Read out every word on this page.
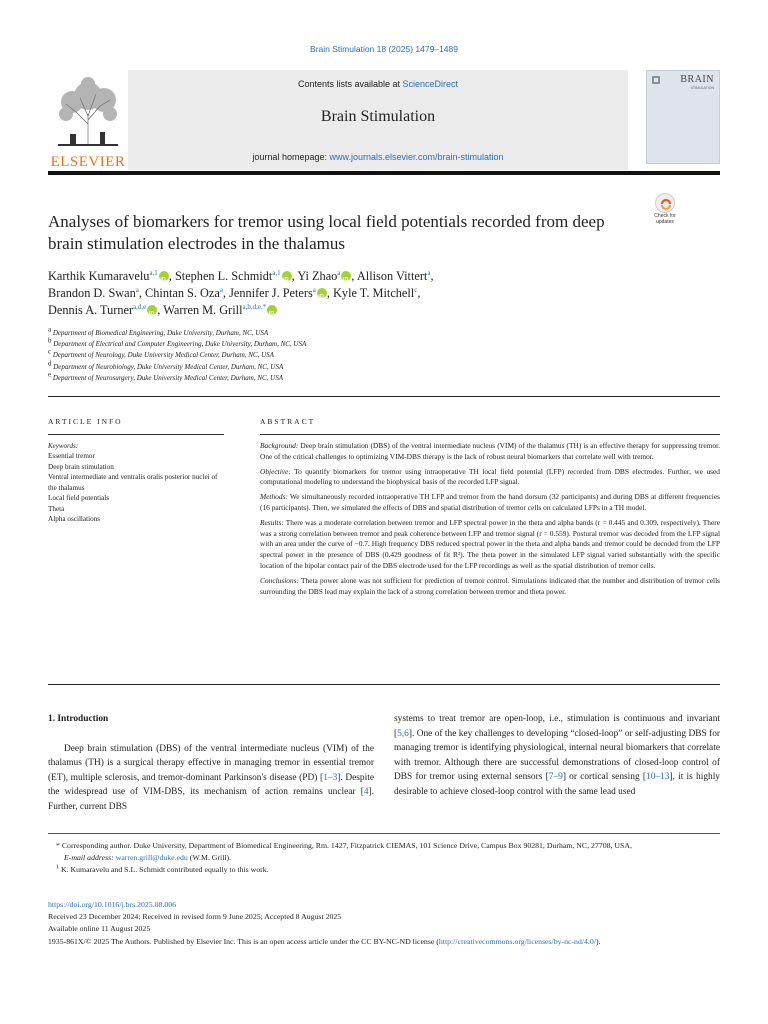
Brain Stimulation 18 (2025) 1479–1489
ELSEVIER
Contents lists available at ScienceDirect
Brain Stimulation
journal homepage: www.journals.elsevier.com/brain-stimulation
BRAIN
STIMULATION
Analyses of biomarkers for tremor using local field potentials recorded from deep brain stimulation electrodes in the thalamus
Check for
updates
Karthik Kumaravelu$^{a,1}$ iD , Stephen L. Schmidt$^{a,1}$ iD , Yi Zhao$^a$ iD , Allison Vittert$^a$,
Brandon D. Swan$^a$, Chintan S. Oza$^a$, Jennifer J. Peters$^a$ iD , Kyle T. Mitchell$^c$,
Dennis A. Turner$^{a,d,e}$ iD , Warren M. Grill$^{a,b,d,e,*}$iD
$^a$ Department of Biomedical Engineering, Duke University, Durham, NC, USA
$^b$ Department of Electrical and Computer Engineering, Duke University, Durham, NC, USA
$^c$ Department of Neurology, Duke University Medical Center, Durham, NC, USA
$^d$ Department of Neurobiology, Duke University Medical Center, Durham, NC, USA
$^e$ Department of Neurosurgery, Duke University Medical Center, Durham, NC, USA
ARTICLE INFO	ABSTRACT
Keywords:
Essential tremor
Deep brain stimulation
Ventral intermediate and ventralis oralis posterior nuclei of the thalamus
Local field potentials
Theta
Alpha oscillations

Background: Deep brain stimulation (DBS) of the ventral intermediate nucleus (VIM) of the thalamus (TH) is an effective therapy for suppressing tremor. One of the critical challenges to optimizing VIM-DBS therapy is the lack of robust neural biomarkers that correlate well with tremor.

Objective: To quantify biomarkers for tremor using intraoperative TH local field potential (LFP) recorded from DBS electrodes. Further, we used computational modeling to understand the biophysical basis of the recorded LFP signal.

Methods: We simultaneously recorded intraoperative TH LFP and tremor from the hand dorsum (32 participants) and during DBS at different frequencies (16 participants). Then, we simulated the effects of DBS and spatial distribution of tremor cells on calculated LFPs in a TH model.

Results: There was a moderate correlation between tremor and LFP spectral power in the theta and alpha bands (r = 0.445 and 0.309, respectively). There was a strong correlation between tremor and peak coherence between LFP and tremor signal (r = 0.559). Postural tremor was decoded from the LFP signal with an area under the curve of −0.7. High frequency DBS reduced spectral power in the theta and alpha bands and tremor could be decoded from the LFP spectral power in the presence of DBS (0.429 goodness of fit R²). The theta power in the simulated LFP signal varied substantially with the specific location of the bipolar contact pair of the DBS electrode used for the LFP recordings as well as the spatial distribution of tremor cells.

Conclusions: Theta power alone was not sufficient for prediction of tremor control. Simulations indicated that the number and distribution of tremor cells surrounding the DBS lead may explain the lack of a strong correlation between tremor and theta power.

1. Introduction

Deep brain stimulation (DBS) of the ventral intermediate nucleus (VIM) of the thalamus (TH) is a surgical therapy effective in managing tremor in essential tremor (ET), multiple sclerosis, and tremor-dominant Parkinson's disease (PD) [1–3]. Despite the widespread use of VIM-DBS, its mechanism of action remains unclear [4]. Further, current DBS

systems to treat tremor are open-loop, i.e., stimulation is continuous and invariant [5,6]. One of the key challenges to developing “closed-loop” or self-adjusting DBS for managing tremor is identifying physiological, internal neural biomarkers that correlate with tremor. Although there are successful demonstrations of closed-loop control of DBS for tremor using external sensors [7–9] or cortical sensing [10–13], it is highly desirable to achieve closed-loop control with the same lead used

* Corresponding author. Duke University, Department of Biomedical Engineering, Rm. 1427, Fitzpatrick CIEMAS, 101 Science Drive, Campus Box 90281, Durham, NC, 27708, USA,
E-mail address: warren.grill@duke.edu (W.M. Grill).
$^1$ K. Kumaravelu and S.L. Schmidt contributed equally to this work.
https://doi.org/10.1016/j.brs.2025.08.006
Received 23 December 2024; Received in revised form 9 June 2025; Accepted 8 August 2025
Available online 11 August 2025
1935-861X/© 2025 The Authors. Published by Elsevier Inc. This is an open access article under the CC BY-NC-ND license (http://creativecommons.org/licenses/by-nc-nd/4.0/).
